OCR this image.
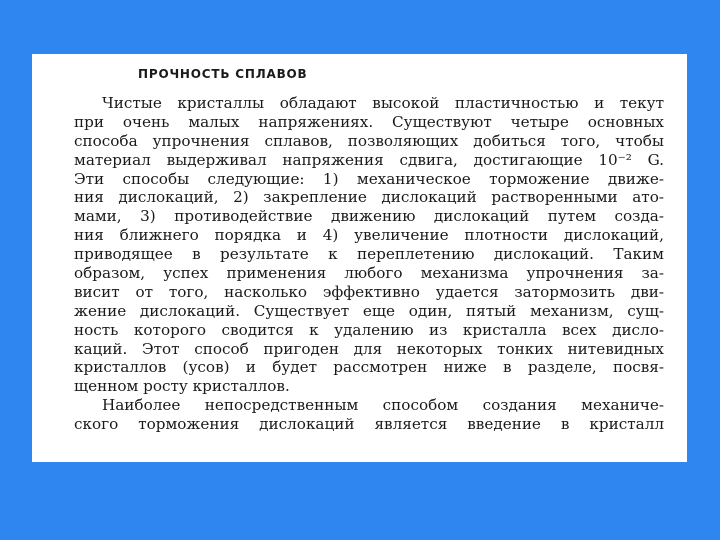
ПРОЧНОСТЬ СПЛАВОВ
Чистые кристаллы обладают высокой пластичностью и текут
при очень малых напряжениях. Существуют четыре основных
способа упрочнения сплавов, позволяющих добиться того, чтобы
материал выдерживал напряжения сдвига, достигающие 10⁻² G.
Эти способы следующие: 1) механическое торможение движе-
ния дислокаций, 2) закрепление дислокаций растворенными ато-
мами, 3) противодействие движению дислокаций путем созда-
ния ближнего порядка и 4) увеличение плотности дислокаций,
приводящее в результате к переплетению дислокаций. Таким
образом, успех применения любого механизма упрочнения за-
висит от того, насколько эффективно удается затормозить дви-
жение дислокаций. Существует еще один, пятый механизм, сущ-
ность которого сводится к удалению из кристалла всех дисло-
каций. Этот способ пригоден для некоторых тонких нитевидных
кристаллов (усов) и будет рассмотрен ниже в разделе, посвя-
щенном росту кристаллов.
Наиболее непосредственным способом создания механиче-
ского торможения дислокаций является введение в кристалл
